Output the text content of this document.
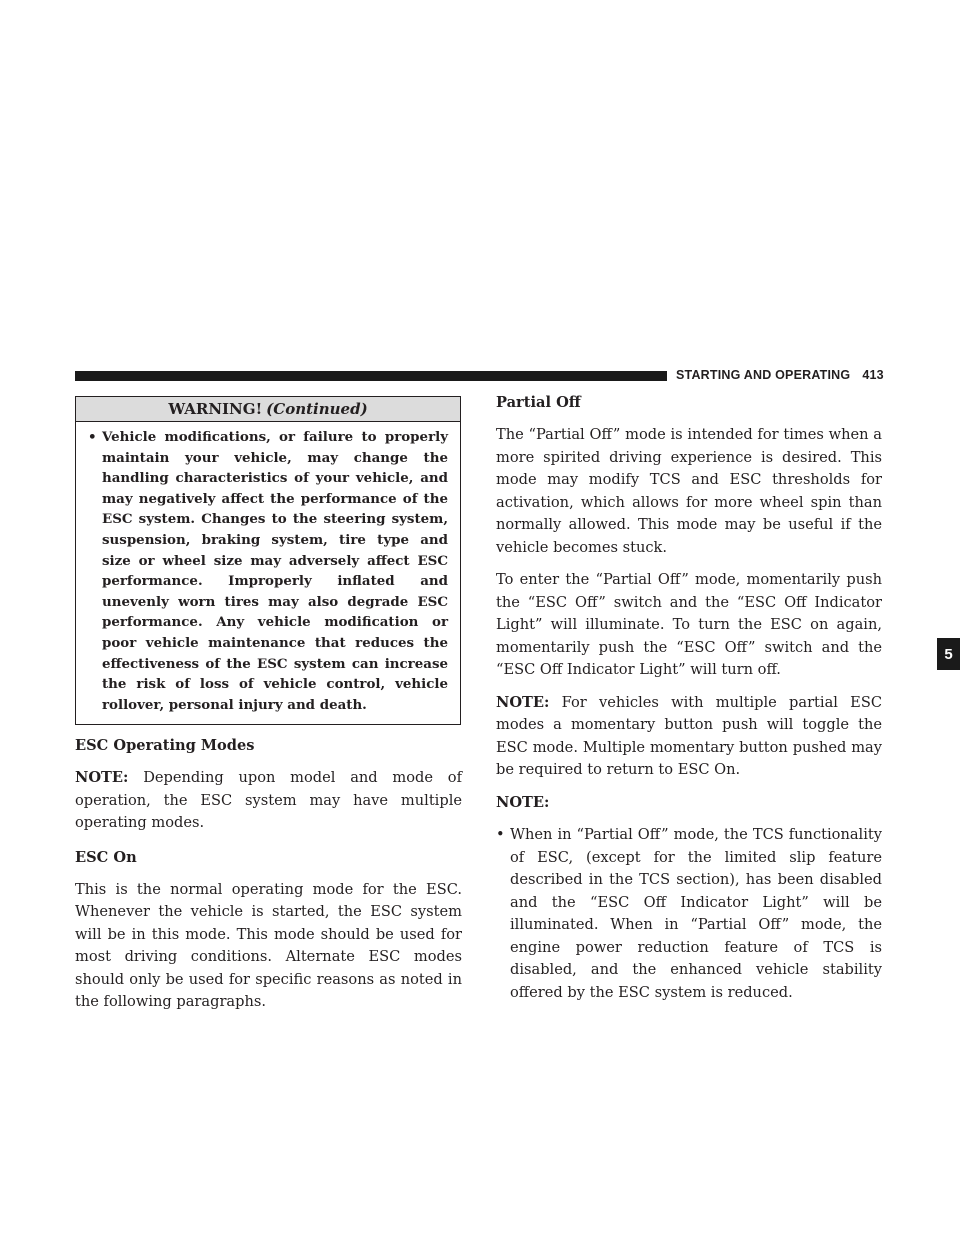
STARTING AND OPERATING 413
5
WARNING! (Continued)
• Vehicle modifications, or failure to properly maintain your vehicle, may change the handling characteristics of your vehicle, and may negatively affect the performance of the ESC system. Changes to the steering system, suspension, braking system, tire type and size or wheel size may adversely affect ESC performance. Improperly inflated and unevenly worn tires may also degrade ESC performance. Any vehicle modification or poor vehicle maintenance that reduces the effectiveness of the ESC system can increase the risk of loss of vehicle control, vehicle rollover, personal injury and death.
ESC Operating Modes

NOTE: Depending upon model and mode of operation, the ESC system may have multiple operating modes.

ESC On

This is the normal operating mode for the ESC. Whenever the vehicle is started, the ESC system will be in this mode. This mode should be used for most driving conditions. Alternate ESC modes should only be used for specific reasons as noted in the following paragraphs.

Partial Off

The “Partial Off” mode is intended for times when a more spirited driving experience is desired. This mode may modify TCS and ESC thresholds for activation, which allows for more wheel spin than normally allowed. This mode may be useful if the vehicle becomes stuck.

To enter the “Partial Off” mode, momentarily push the “ESC Off” switch and the “ESC Off Indicator Light” will illuminate. To turn the ESC on again, momentarily push the “ESC Off” switch and the “ESC Off Indicator Light” will turn off.

NOTE: For vehicles with multiple partial ESC modes a momentary button push will toggle the ESC mode. Multiple momentary button pushed may be required to return to ESC On.

NOTE:

• When in “Partial Off” mode, the TCS functionality of ESC, (except for the limited slip feature described in the TCS section), has been disabled and the “ESC Off Indicator Light” will be illuminated. When in “Partial Off” mode, the engine power reduction feature of TCS is disabled, and the enhanced vehicle stability offered by the ESC system is reduced.
